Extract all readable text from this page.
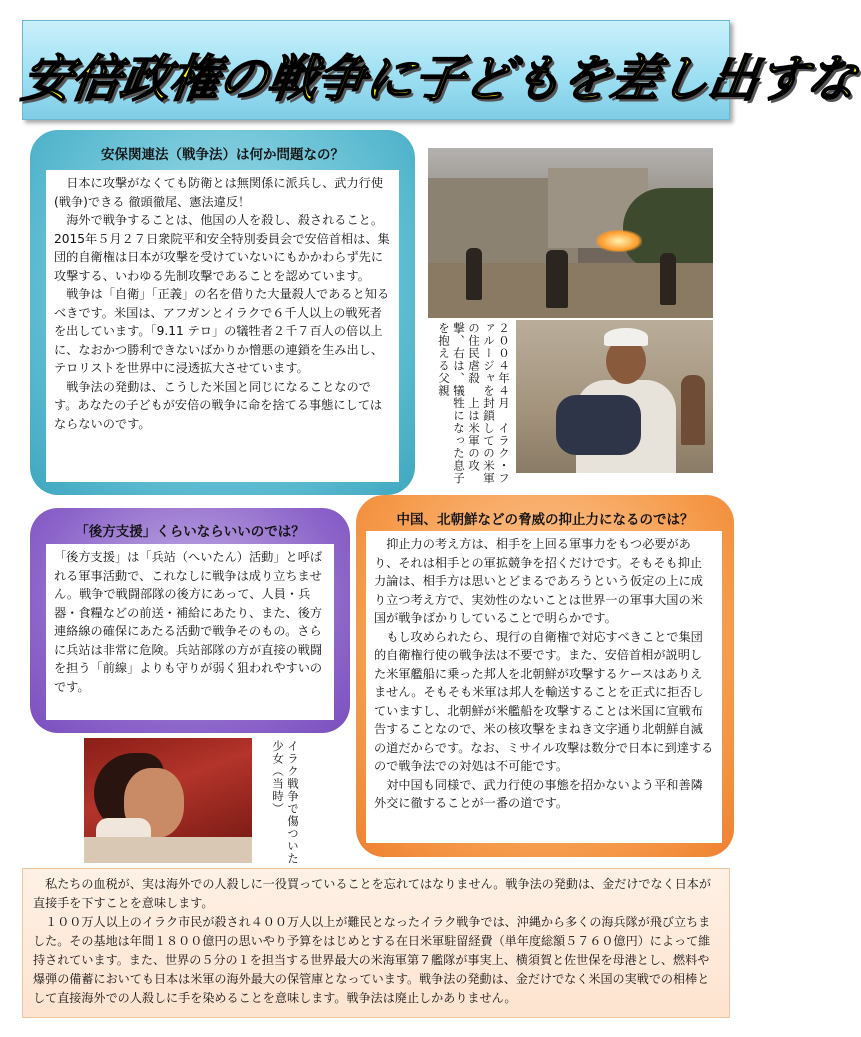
安倍政権の戦争に子どもを差し出すな
安保関連法（戦争法）は何か問題なの？

日本に攻撃がなくても防衛とは無関係に派兵し、武力行使(戦争)できる 徹頭徹尾、憲法違反！

海外で戦争することは、他国の人を殺し、殺されること。2015年５月２７日衆院平和安全特別委員会で安倍首相は、集団的自衛権は日本が攻撃を受けていないにもかかわらず先に攻撃する、いわゆる先制攻撃であることを認めています。

戦争は「自衛」「正義」の名を借りた大量殺人であると知るべきです。米国は、アフガンとイラクで６千人以上の戦死者を出しています。「9.11 テロ」の犠牲者２千７百人の倍以上に、なおかつ勝利できないばかりか憎悪の連鎖を生み出し、テロリストを世界中に浸透拡大させています。

戦争法の発動は、こうした米国と同じになることなのです。あなたの子どもが安倍の戦争に命を捨てる事態にしてはならないのです。	２００４年４月　イラク・ファルージャを封鎖しての米軍の住民虐殺　上は米軍の攻撃、右は、犠牲になった息子を抱える父親
「後方支援」くらいならいいのでは？

「後方支援」は「兵站（へいたん）活動」と呼ばれる軍事活動で、これなしに戦争は成り立ちません。戦争で戦闘部隊の後方にあって、人員・兵器・食糧などの前送・補給にあたり、また、後方連絡線の確保にあたる活動で戦争そのもの。さらに兵站は非常に危険。兵站部隊の方が直接の戦闘を担う「前線」よりも守りが弱く狙われやすいのです。

イラク戦争で傷ついた少女（当時）
中国、北朝鮮などの脅威の抑止力になるのでは？

抑止力の考え方は、相手を上回る軍事力をもつ必要があり、それは相手との軍拡競争を招くだけです。そもそも抑止力論は、相手方は思いとどまるであろうという仮定の上に成り立つ考え方で、実効性のないことは世界一の軍事大国の米国が戦争ばかりしていることで明らかです。

もし攻められたら、現行の自衛権で対応すべきことで集団的自衛権行使の戦争法は不要です。また、安倍首相が説明した米軍艦船に乗った邦人を北朝鮮が攻撃するケースはありえません。そもそも米軍は邦人を輸送することを正式に拒否していますし、北朝鮮が米艦船を攻撃することは米国に宣戦布告することなので、米の核攻撃をまねき文字通り北朝鮮自滅の道だからです。なお、ミサイル攻撃は数分で日本に到達するので戦争法での対処は不可能です。

対中国も同様で、武力行使の事態を招かないよう平和善隣外交に徹することが一番の道です。

私たちの血税が、実は海外での人殺しに一役買っていることを忘れてはなりません。戦争法の発動は、金だけでなく日本が直接手を下すことを意味します。

１００万人以上のイラク市民が殺され４００万人以上が難民となったイラク戦争では、沖縄から多くの海兵隊が飛び立ちました。その基地は年間１８００億円の思いやり予算をはじめとする在日米軍駐留経費（単年度総額５７６０億円）によって維持されています。また、世界の５分の１を担当する世界最大の米海軍第７艦隊が事実上、横須賀と佐世保を母港とし、燃料や爆弾の備蓄においても日本は米軍の海外最大の保管庫となっています。戦争法の発動は、金だけでなく米国の実戦での相棒として直接海外での人殺しに手を染めることを意味します。戦争法は廃止しかありません。
